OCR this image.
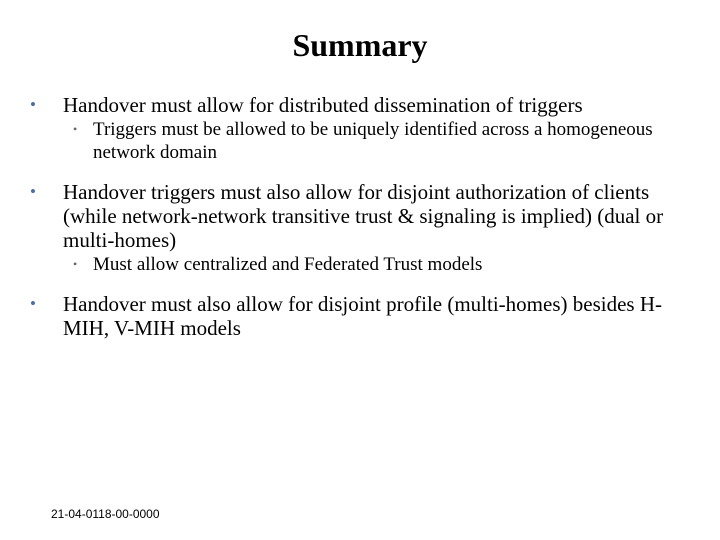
Summary
•	Handover must allow for distributed dissemination of triggers
• Triggers must be allowed to be uniquely identified across a homogeneous network domain
•	Handover triggers must also allow for disjoint authorization of clients (while network-network transitive trust & signaling is implied) (dual or multi-homes)
• Must allow centralized and Federated Trust models
•	Handover must also allow for disjoint profile (multi-homes) besides H-MIH, V-MIH models
21-04-0118-00-0000
